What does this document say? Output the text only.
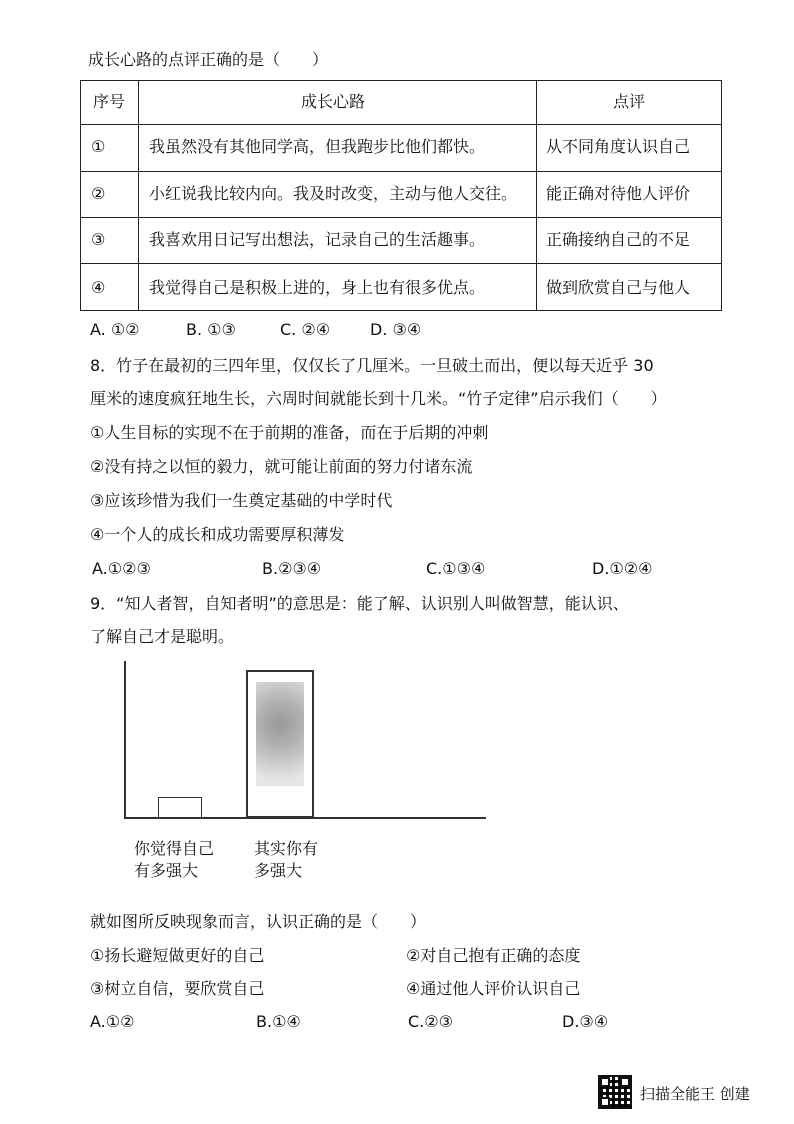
成长心路的点评正确的是（　　）
序号	成长心路	点评
①	我虽然没有其他同学高，但我跑步比他们都快。	从不同角度认识自己
②	小红说我比较内向。我及时改变，主动与他人交往。 能正确对待他人评价
③	我喜欢用日记写出想法，记录自己的生活趣事。	正确接纳自己的不足
④	我觉得自己是积极上进的，身上也有很多优点。	做到欣赏自己与他人
A. ①②	B. ①③	C. ②④ D. ③④
8．竹子在最初的三四年里，仅仅长了几厘米。一旦破土而出，便以每天近乎 30
厘米的速度疯狂地生长，六周时间就能长到十几米。“竹子定律”启示我们（　　）
①人生目标的实现不在于前期的准备，而在于后期的冲刺
②没有持之以恒的毅力，就可能让前面的努力付诸东流
③应该珍惜为我们一生奠定基础的中学时代
④一个人的成长和成功需要厚积薄发
A.①②③	B.②③④	C.①③④	D.①②④
9．“知人者智，自知者明”的意思是：能了解、认识别人叫做智慧，能认识、
了解自己才是聪明。
你觉得自己
有多强大
其实你有
多强大
就如图所反映现象而言，认识正确的是（　　）
①扬长避短做更好的自己	②对自己抱有正确的态度
③树立自信，要欣赏自己	④通过他人评价认识自己
A.①②	B.①④	C.②③	D.③④
扫描全能王 创建
